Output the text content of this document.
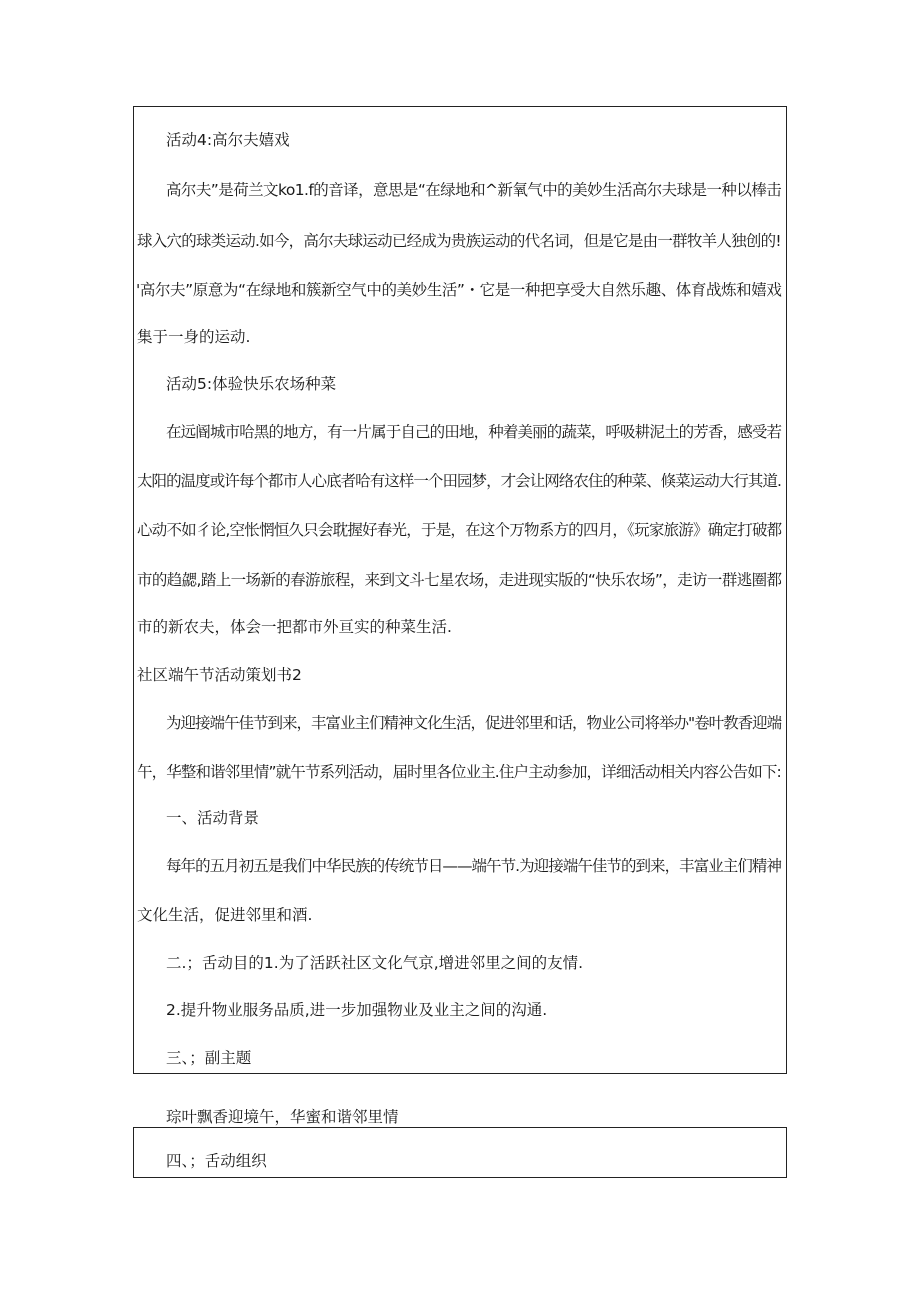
活动4:高尔夫嬉戏
高尔夫”是荷兰文ko1.f的音译，意思是“在绿地和^新氧气中的美妙生活高尔夫球是一种以棒击
球入穴的球类运动.如今，高尔夫球运动已经成为贵族运动的代名词，但是它是由一群牧羊人独创的!
'高尔夫”原意为“在绿地和簇新空气中的美妙生活”・它是一种把享受大自然乐趣、体育战炼和嬉戏
集于一身的运动.
活动5:体验快乐农场种菜
在远阍城市哈黑的地方，有一片属于自己的田地，种着美丽的蔬菜，呼吸耕泥土的芳香，感受若
太阳的温度或许每个都市人心底者哈有这样一个田园梦，才会让网络农住的种菜、倏菜运动大行其道.
心动不如彳论,空怅惘恒久只会耽握好春光，于是，在这个万物系方的四月，《玩家旅游》确定打破都
市的趋勰,踏上一场新的春游旅程，来到文斗七星农场，走进现实版的“快乐农场”，走访一群逃圈都
市的新农夫，体会一把都市外亘实的种菜生活.
社区端午节活动策划书2
为迎接端午佳节到来，丰富业主们精神文化生活，促进邻里和话，物业公司将举办"卷叶教香迎端
午，华整和谐邻里情”就午节系列活动，届时里各位业主.住户主动参加，详细活动相关内容公告如下:
一、活动背景
每年的五月初五是我们中华民族的传统节日——端午节.为迎接端午佳节的到来，丰富业主们精神
文化生活，促进邻里和酒.
二.；舌动目的1.为了活跃社区文化气京,增进邻里之间的友情.
2.提升物业服务品质,进一步加强物业及业主之间的沟通.
三、；副主题
琮叶飘香迎境午，华蜜和谐邻里情
四、；舌动组织
